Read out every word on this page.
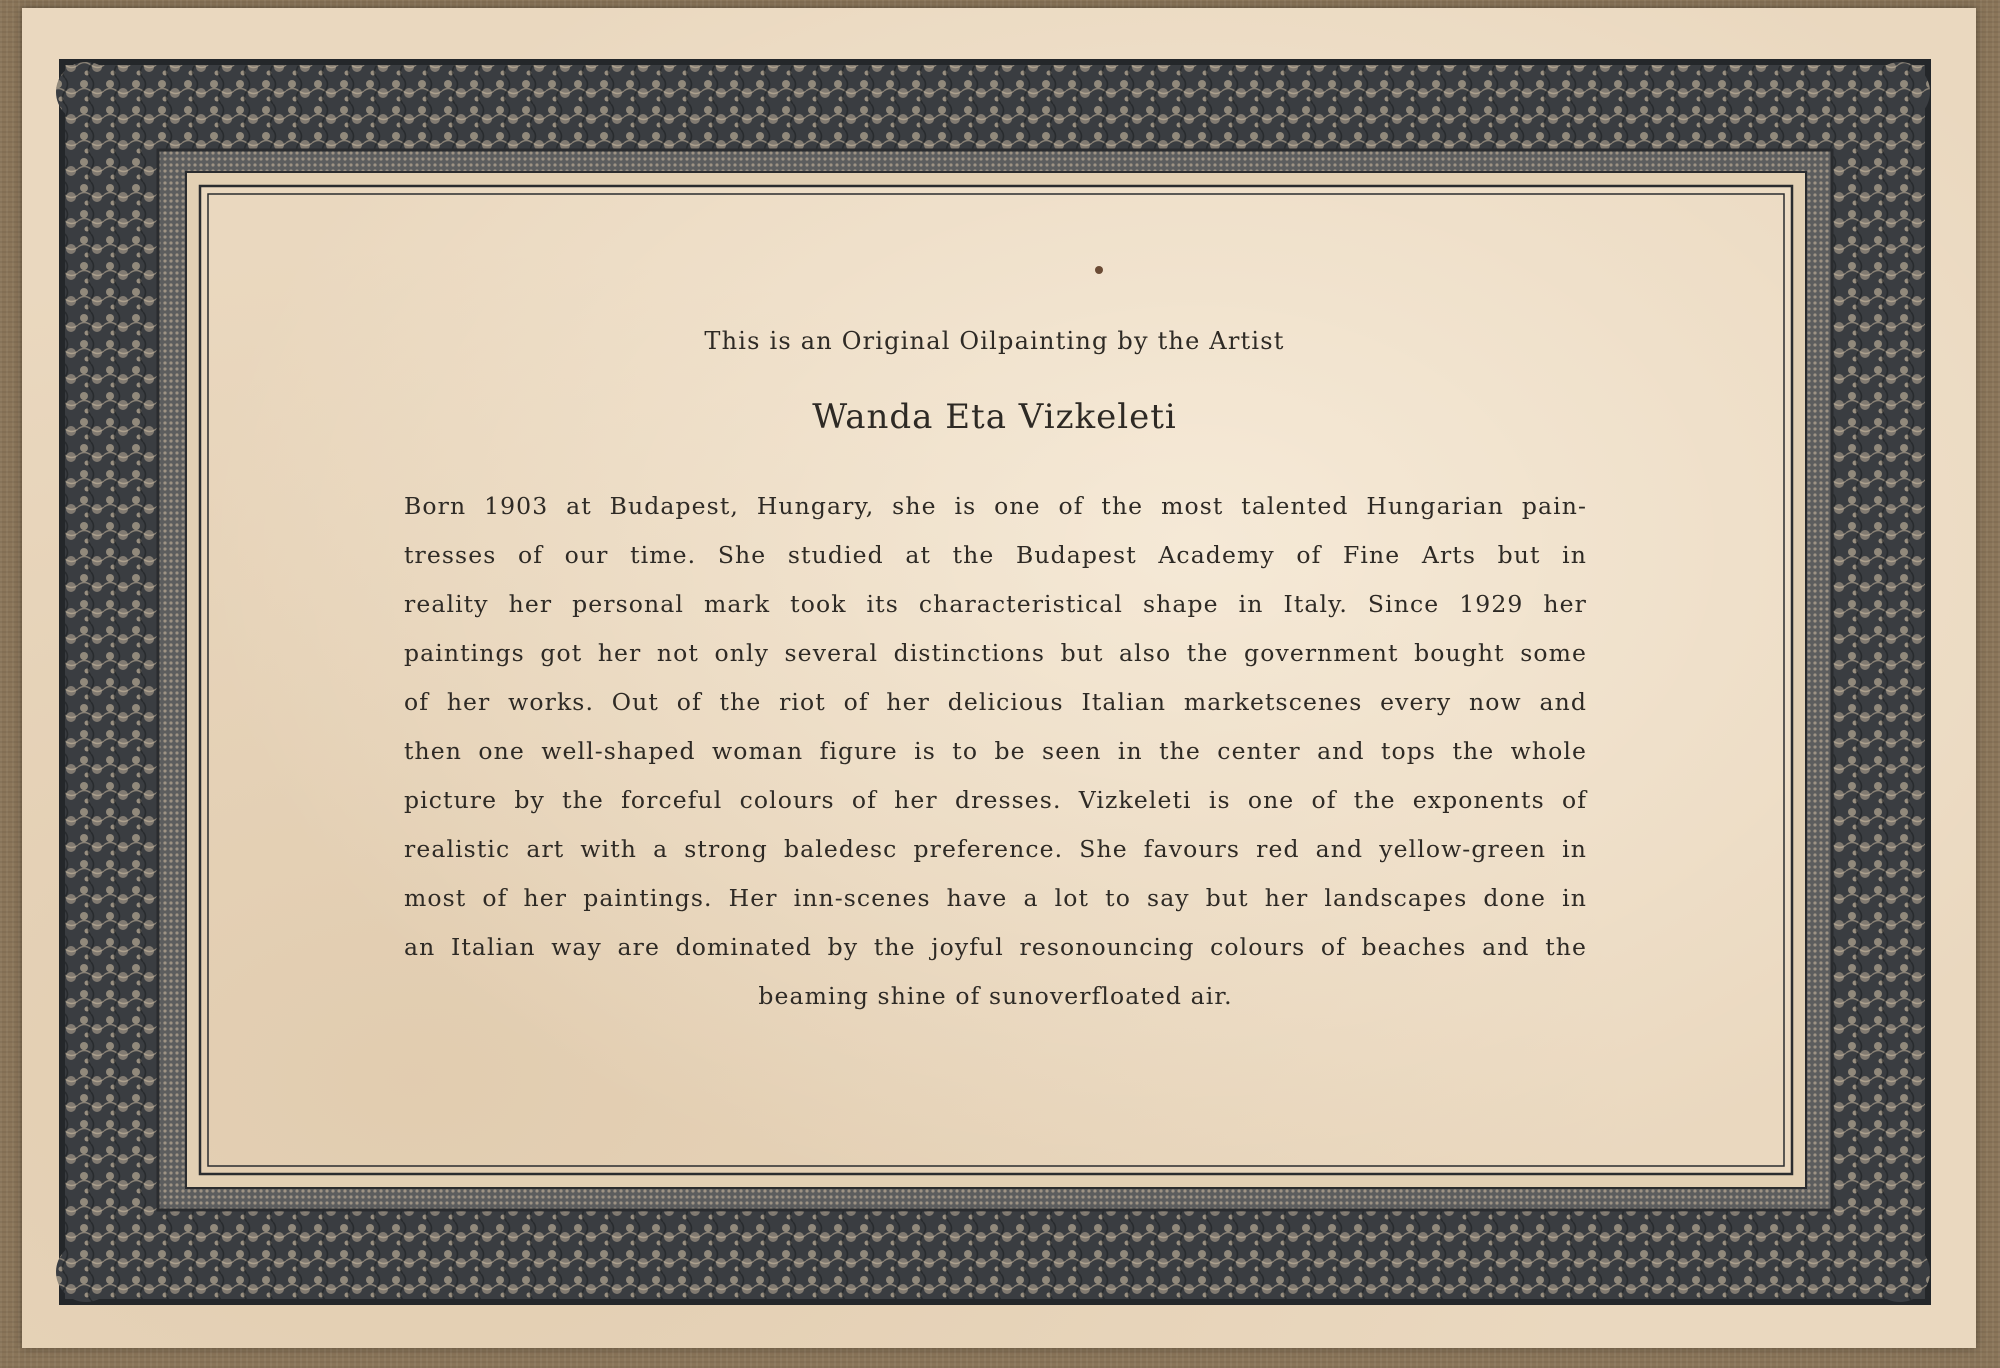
This is an Original Oilpainting by the Artist
Wanda Eta Vizkeleti
Born 1903 at Budapest, Hungary, she is one of the most talented Hungarian pain-
tresses of our time. She studied at the Budapest Academy of Fine Arts but in
reality her personal mark took its characteristical shape in Italy. Since 1929 her
paintings got her not only several distinctions but also the government bought some
of her works. Out of the riot of her delicious Italian marketscenes every now and
then one well-shaped woman figure is to be seen in the center and tops the whole
picture by the forceful colours of her dresses. Vizkeleti is one of the exponents of
realistic art with a strong baledesc preference. She favours red and yellow-green in
most of her paintings. Her inn-scenes have a lot to say but her landscapes done in
an Italian way are dominated by the joyful resonouncing colours of beaches and the
beaming shine of sunoverfloated air.
